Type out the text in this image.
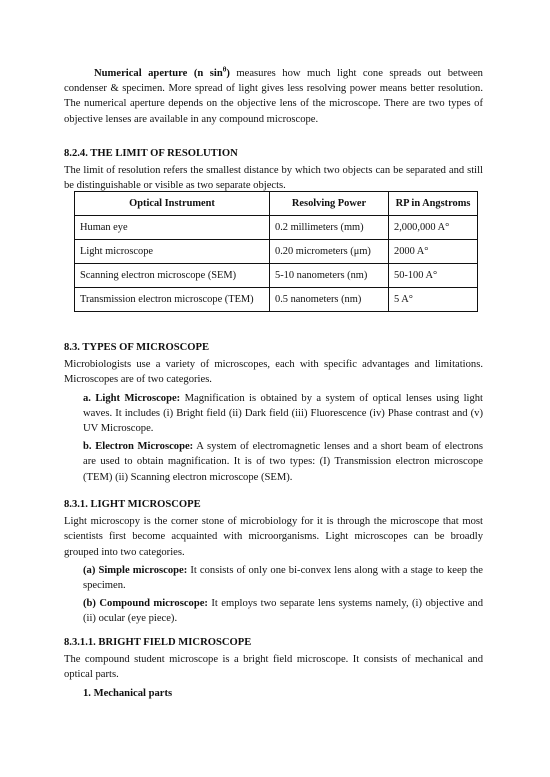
Numerical aperture (n $\sin^\theta$) measures how much light cone spreads out between condenser & specimen. More spread of light gives less resolving power means better resolution. The numerical aperture depends on the objective lens of the microscope. There are two types of objective lenses are available in any compound microscope.

8.2.4. THE LIMIT OF RESOLUTION

The limit of resolution refers the smallest distance by which two objects can be separated and still be distinguishable or visible as two separate objects.

Optical Instrument	Resolving Power	RP in Angstroms
Human eye	0.2 millimeters (mm)	2,000,000 A°
Light microscope	0.20 micrometers (μm)	2000 A°
Scanning electron microscope (SEM)	5-10 nanometers (nm)	50-100 A°
Transmission electron microscope (TEM)	0.5 nanometers (nm)	5 A°

8.3. TYPES OF MICROSCOPE

Microbiologists use a variety of microscopes, each with specific advantages and limitations. Microscopes are of two categories.

a. Light Microscope: Magnification is obtained by a system of optical lenses using light waves. It includes (i) Bright field (ii) Dark field (iii) Fluorescence (iv) Phase contrast and (v) UV Microscope.

b. Electron Microscope: A system of electromagnetic lenses and a short beam of electrons are used to obtain magnification. It is of two types: (I) Transmission electron microscope (TEM) (ii) Scanning electron microscope (SEM).

8.3.1. LIGHT MICROSCOPE

Light microscopy is the corner stone of microbiology for it is through the microscope that most scientists first become acquainted with microorganisms. Light microscopes can be broadly grouped into two categories.

(a) Simple microscope: It consists of only one bi-convex lens along with a stage to keep the specimen.

(b) Compound microscope: It employs two separate lens systems namely, (i) objective and (ii) ocular (eye piece).

8.3.1.1. BRIGHT FIELD MICROSCOPE

The compound student microscope is a bright field microscope. It consists of mechanical and optical parts.

1. Mechanical parts
